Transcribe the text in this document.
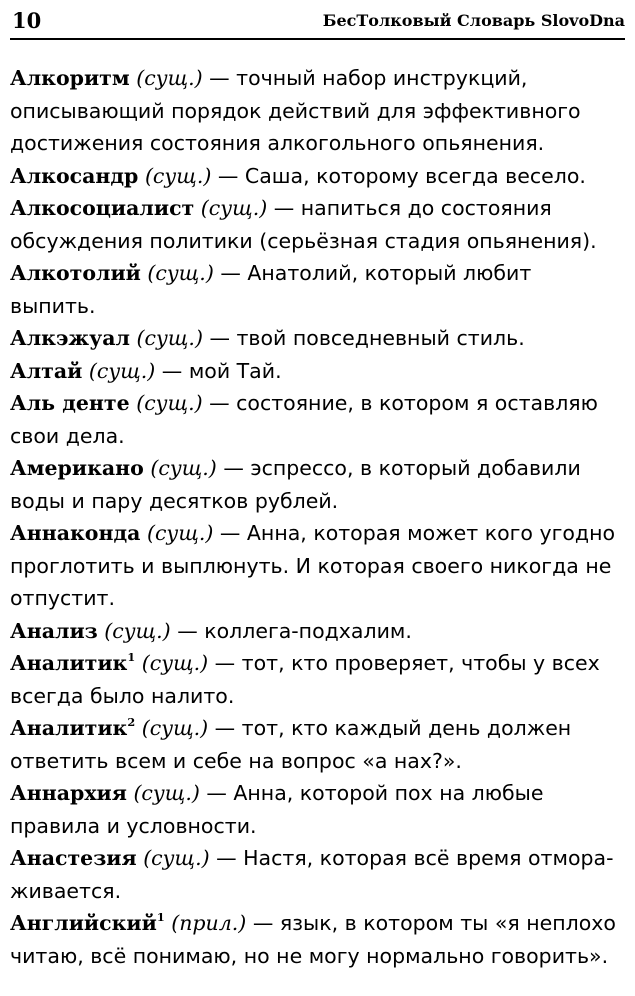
10	БесТолковый Словарь SlovoDna

Алкоритм (сущ.) — точный набор инструкций, описывающий порядок действий для эффективного достижения состояния алкогольного опьянения.

Алкосандр (сущ.) — Саша, которому всегда весело.

Алкосоциалист (сущ.) — напиться до состояния обсуждения политики (серьёзная стадия опьянения).

Алкотолий (сущ.) — Анатолий, который любит выпить.

Алкэжуал (сущ.) — твой повседневный стиль.

Алтай (сущ.) — мой Тай.

Аль денте (сущ.) — состояние, в котором я оставляю свои дела.

Американо (сущ.) — эспрессо, в который добавили воды и пару десятков рублей.

Аннаконда (сущ.) — Анна, которая может кого угодно проглотить и выплюнуть. И которая своего никогда не отпустит.

Анализ (сущ.) — коллега-подхалим.

Аналитик$^1$ (сущ.) — тот, кто проверяет, чтобы у всех всегда было налито.

Аналитик$^2$ (сущ.) — тот, кто каждый день должен ответить всем и себе на вопрос «а нах?».

Аннархия (сущ.) — Анна, которой пох на любые правила и условности.

Анастезия (сущ.) — Настя, которая всё время отмораживается.

Английский$^1$ (прил.) — язык, в котором ты «я неплохо читаю, всё понимаю, но не могу нормально говорить».
